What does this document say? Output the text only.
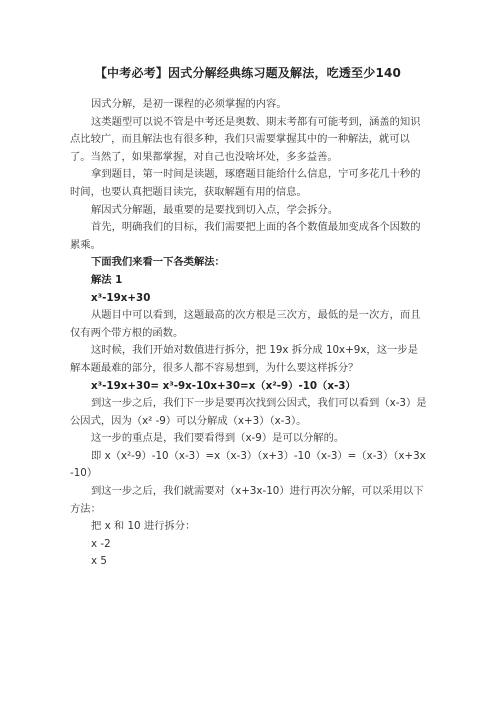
【中考必考】因式分解经典练习题及解法，吃透至少140

因式分解，是初一课程的必须掌握的内容。

这类题型可以说不管是中考还是奥数、期末考都有可能考到，涵盖的知识点比较广，而且解法也有很多种，我们只需要掌握其中的一种解法，就可以了。当然了，如果都掌握，对自己也没啥坏处，多多益善。

拿到题目，第一时间是读题，琢磨题目能给什么信息，宁可多花几十秒的时间，也要认真把题目读完，获取解题有用的信息。

解因式分解题，最重要的是要找到切入点，学会拆分。

首先，明确我们的目标，我们需要把上面的各个数值最加变成各个因数的累乘。

下面我们来看一下各类解法：

解法 1

x³-19x+30

从题目中可以看到，这题最高的次方根是三次方，最低的是一次方，而且仅有两个带方根的函数。

这时候，我们开始对数值进行拆分，把 19x 拆分成 10x+9x，这一步是解本题最难的部分，很多人都不容易想到，为什么要这样拆分？

x³-19x+30= x³-9x-10x+30=x（x²-9）-10（x-3）

到这一步之后，我们下一步是要再次找到公因式，我们可以看到（x-3）是公因式，因为（x² -9）可以分解成（x+3）（x-3）。

这一步的重点是，我们要看得到（x-9）是可以分解的。

即 x（x²-9）-10（x-3）=x（x-3）（x+3）-10（x-3）=（x-3）（x+3x-10）

到这一步之后，我们就需要对（x+3x-10）进行再次分解，可以采用以下方法：

把 x 和 10 进行拆分：

x -2

x 5
